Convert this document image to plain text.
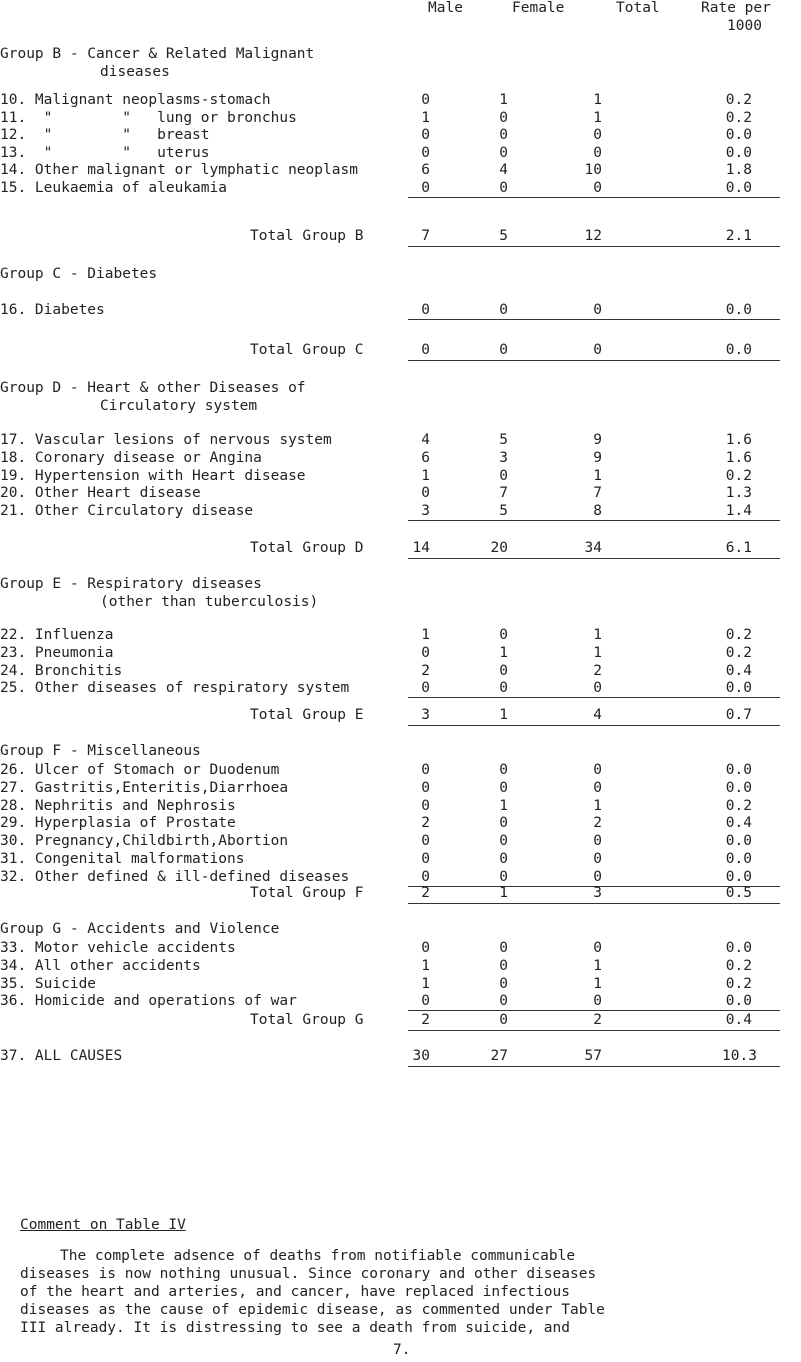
Male	Female	Total	Rate per
1000
Group B - Cancer & Related Malignant
diseases
10. Malignant neoplasms-stomach	0	1	1	0.2
11.  "        "   lung or bronchus	1	0	1	0.2
12.  "        "   breast	0	0	0	0.0
13.  "        "   uterus	0	0	0	0.0
14. Other malignant or lymphatic neoplasm	6	4	10	1.8
15. Leukaemia of aleukamia	0	0	0	0.0
Total Group B	7	5	12	2.1
Group C - Diabetes
16. Diabetes	0	0	0	0.0
Total Group C	0	0	0	0.0
Group D - Heart & other Diseases of
Circulatory system
17. Vascular lesions of nervous system	4	5	9	1.6
18. Coronary disease or Angina	6	3	9	1.6
19. Hypertension with Heart disease	1	0	1	0.2
20. Other Heart disease	0	7	7	1.3
21. Other Circulatory disease	3	5	8	1.4
Total Group D	14	20	34	6.1
Group E - Respiratory diseases
(other than tuberculosis)
22. Influenza	1	0	1	0.2
23. Pneumonia	0	1	1	0.2
24. Bronchitis	2	0	2	0.4
25. Other diseases of respiratory system	0	0	0	0.0
Total Group E	3	1	4	0.7
Group F - Miscellaneous
26. Ulcer of Stomach or Duodenum	0	0	0	0.0
27. Gastritis,Enteritis,Diarrhoea	0	0	0	0.0
28. Nephritis and Nephrosis	0	1	1	0.2
29. Hyperplasia of Prostate	2	0	2	0.4
30. Pregnancy,Childbirth,Abortion	0	0	0	0.0
31. Congenital malformations	0	0	0	0.0
32. Other defined & ill-defined diseases	0	0	0	0.0
Total Group F	2	1	3	0.5
Group G - Accidents and Violence
33. Motor vehicle accidents	0	0	0	0.0
34. All other accidents	1	0	1	0.2
35. Suicide	1	0	1	0.2
36. Homicide and operations of war	0	0	0	0.0
Total Group G	2	0	2	0.4
37. ALL CAUSES	30	27	57	10.3
Comment on Table IV
The complete adsence of deaths from notifiable communicable
diseases is now nothing unusual. Since coronary and other diseases
of the heart and arteries, and cancer, have replaced infectious
diseases as the cause of epidemic disease, as commented under Table
III already. It is distressing to see a death from suicide, and
7.
